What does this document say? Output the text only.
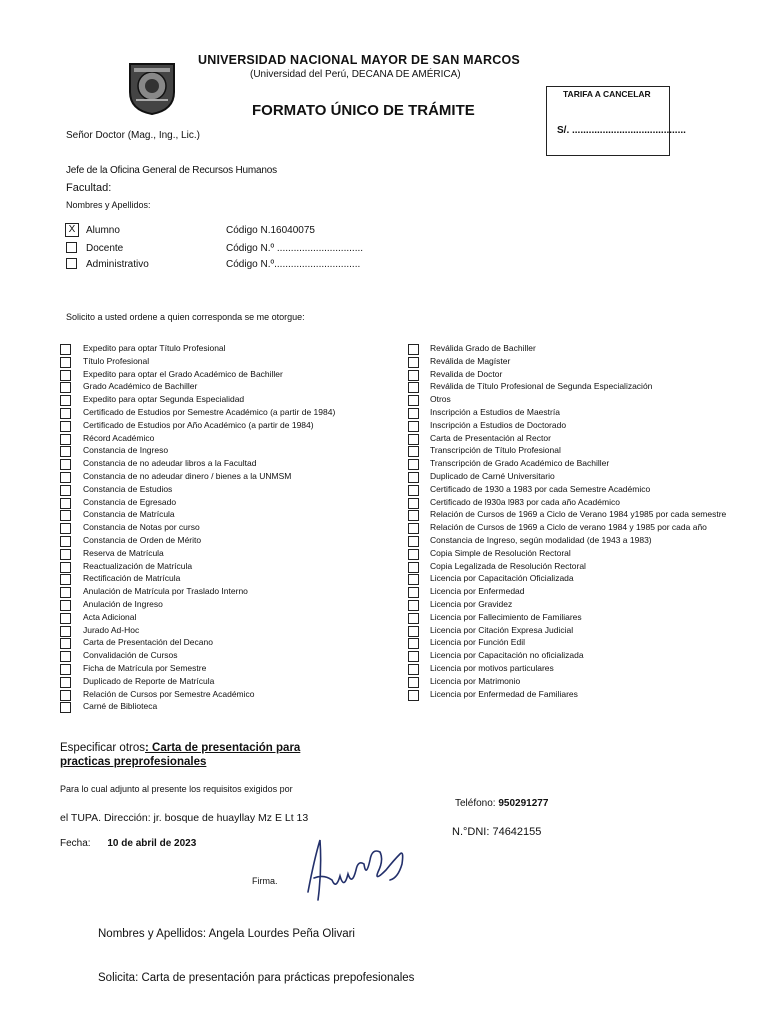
UNIVERSIDAD NACIONAL MAYOR DE SAN MARCOS
(Universidad del Perú, DECANA DE AMÉRICA)
FORMATO ÚNICO DE TRÁMITE
TARIFA A CANCELAR
S/. .........................................
Señor Doctor (Mag., Ing., Lic.)
Jefe de la Oficina General de Recursos Humanos
Facultad:
Nombres y Apellidos:
X	Alumno	Código N.16040075
Docente	Código N.º ...............................
Administrativo	Código N.º...............................
Solicito a usted ordene a quien corresponda se me otorgue:
Expedito para optar Título Profesional
Título Profesional
Expedito para optar el Grado Académico de Bachiller
Grado Académico de Bachiller
Expedito para optar Segunda Especialidad
Certificado de Estudios por Semestre Académico (a partir de 1984)
Certificado de Estudios por Año Académico (a partir de 1984)
Récord Académico
Constancia de Ingreso
Constancia de no adeudar libros a la Facultad
Constancia de no adeudar dinero / bienes a la UNMSM
Constancia de Estudios
Constancia de Egresado
Constancia de Matrícula
Constancia de Notas por curso
Constancia de Orden de Mérito
Reserva de Matrícula
Reactualización de Matrícula
Rectificación de Matrícula
Anulación de Matrícula por Traslado Interno
Anulación de Ingreso
Acta Adicional
Jurado Ad-Hoc
Carta de Presentación del Decano
Convalidación de Cursos
Ficha de Matrícula por Semestre
Duplicado de Reporte de Matrícula
Relación de Cursos por Semestre Académico
Carné de Biblioteca
Reválida Grado de Bachiller
Reválida de Magíster
Revalida de Doctor
Reválida de Título Profesional de Segunda Especialización
Otros
Inscripción a Estudios de Maestría
Inscripción a Estudios de Doctorado
Carta de Presentación al Rector
Transcripción de Título Profesional
Transcripción de Grado Académico de Bachiller
Duplicado de Carné Universitario
Certificado de 1930 a 1983 por cada Semestre Académico
Certificado de l930a l983 por cada año Académico
Relación de Cursos de 1969 a Ciclo de Verano 1984 y1985 por cada semestre
Relación de Cursos de 1969 a Ciclo de verano 1984 y 1985 por cada año
Constancia de Ingreso, según modalidad (de 1943 a 1983)
Copia Simple de Resolución Rectoral
Copia Legalizada de Resolución Rectoral
Licencia por Capacitación Oficializada
Licencia por Enfermedad
Licencia por Gravidez
Licencia por Fallecimiento de Familiares
Licencia por Citación Expresa Judicial
Licencia por Función Edil
Licencia por Capacitación no oficializada
Licencia por motivos particulares
Licencia por Matrimonio
Licencia por Enfermedad de Familiares
Especificar otros: Carta de presentación para
practicas preprofesionales
Para lo cual adjunto al presente los requisitos exigidos por
el TUPA. Dirección: jr. bosque de huayllay Mz E Lt 13
Teléfono: 950291277
N.°DNI: 74642155
Fecha: 10 de abril de 2023
Firma.
Nombres y Apellidos: Angela Lourdes Peña Olivari
Solicita: Carta de presentación para prácticas prepofesionales
